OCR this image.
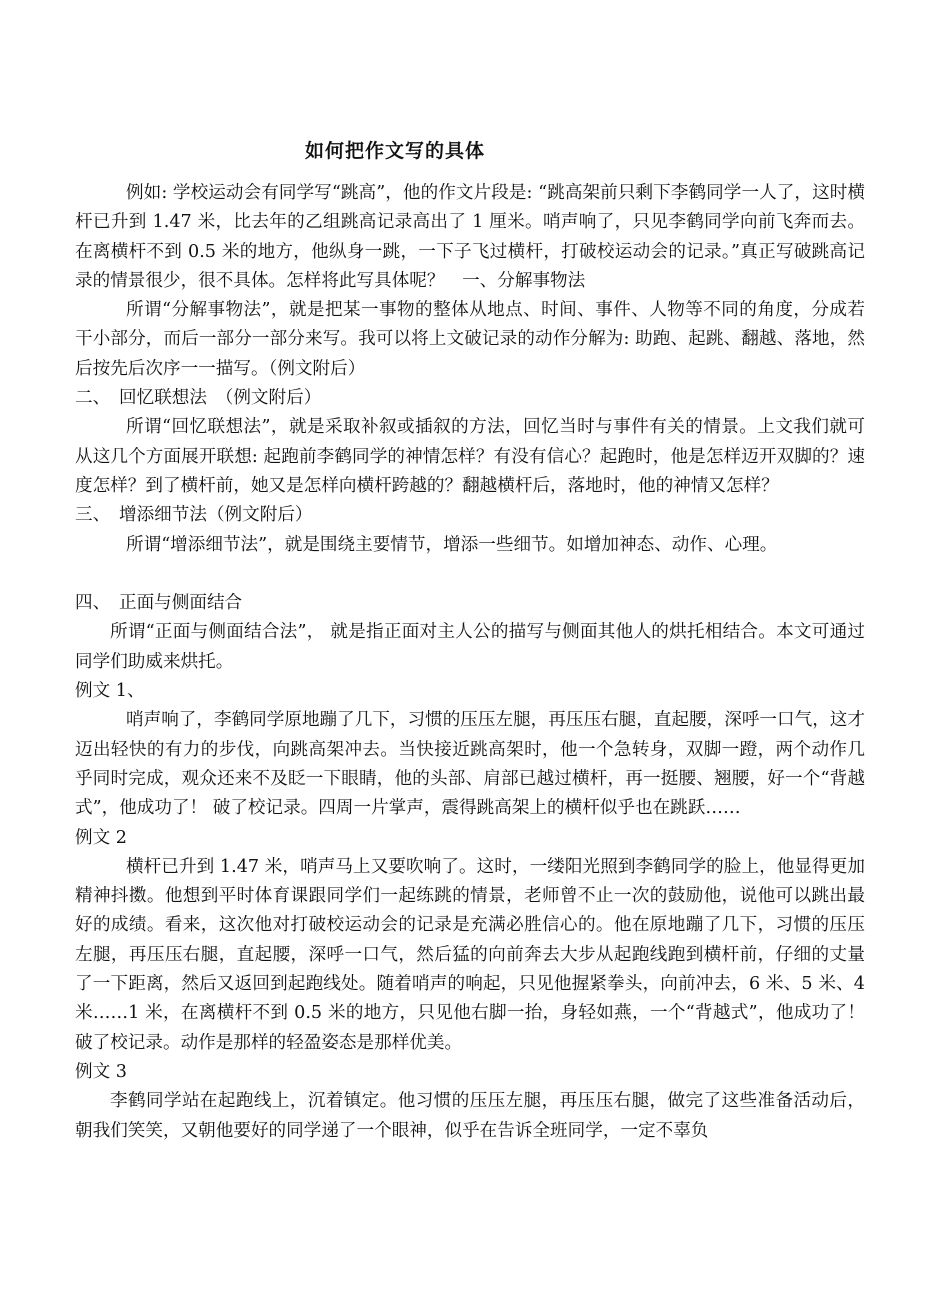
如何把作文写的具体

例如: 学校运动会有同学写“跳高”，他的作文片段是: “跳高架前只剩下李鹤同学一人了，这时横杆已升到 1.47 米，比去年的乙组跳高记录高出了 1 厘米。哨声响了，只见李鹤同学向前飞奔而去。在离横杆不到 0.5 米的地方，他纵身一跳，一下子飞过横杆，打破校运动会的记录。”真正写破跳高记录的情景很少，很不具体。怎样将此写具体呢？　一、分解事物法

所谓“分解事物法”，就是把某一事物的整体从地点、时间、事件、人物等不同的角度，分成若干小部分，而后一部分一部分来写。我可以将上文破记录的动作分解为: 助跑、起跳、翻越、落地，然后按先后次序一一描写。（例文附后）

二、　回忆联想法　（例文附后）

所谓“回忆联想法”，就是采取补叙或插叙的方法，回忆当时与事件有关的情景。上文我们就可从这几个方面展开联想: 起跑前李鹤同学的神情怎样？有没有信心？起跑时，他是怎样迈开双脚的？速度怎样？到了横杆前，她又是怎样向横杆跨越的？翻越横杆后，落地时，他的神情又怎样？

三、　增添细节法（例文附后）

所谓“增添细节法”，就是围绕主要情节，增添一些细节。如增加神态、动作、心理。

四、　正面与侧面结合

所谓“正面与侧面结合法”， 就是指正面对主人公的描写与侧面其他人的烘托相结合。本文可通过同学们助威来烘托。

例文 1、

哨声响了，李鹤同学原地蹦了几下，习惯的压压左腿，再压压右腿，直起腰，深呼一口气，这才迈出轻快的有力的步伐，向跳高架冲去。当快接近跳高架时，他一个急转身，双脚一蹬，两个动作几乎同时完成，观众还来不及眨一下眼睛，他的头部、肩部已越过横杆，再一挺腰、翘腰，好一个“背越式”，他成功了！ 破了校记录。四周一片掌声，震得跳高架上的横杆似乎也在跳跃……

例文 2

横杆已升到 1.47 米，哨声马上又要吹响了。这时，一缕阳光照到李鹤同学的脸上，他显得更加精神抖擞。他想到平时体育课跟同学们一起练跳的情景，老师曾不止一次的鼓励他，说他可以跳出最好的成绩。看来，这次他对打破校运动会的记录是充满必胜信心的。他在原地蹦了几下，习惯的压压左腿，再压压右腿，直起腰，深呼一口气，然后猛的向前奔去大步从起跑线跑到横杆前，仔细的丈量了一下距离，然后又返回到起跑线处。随着哨声的响起，只见他握紧拳头，向前冲去，6 米、5 米、4 米……1 米，在离横杆不到 0.5 米的地方，只见他右脚一抬，身轻如燕，一个“背越式”，他成功了！ 破了校记录。动作是那样的轻盈姿态是那样优美。

例文 3

李鹤同学站在起跑线上，沉着镇定。他习惯的压压左腿，再压压右腿，做完了这些准备活动后，朝我们笑笑，又朝他要好的同学递了一个眼神，似乎在告诉全班同学，一定不辜负
